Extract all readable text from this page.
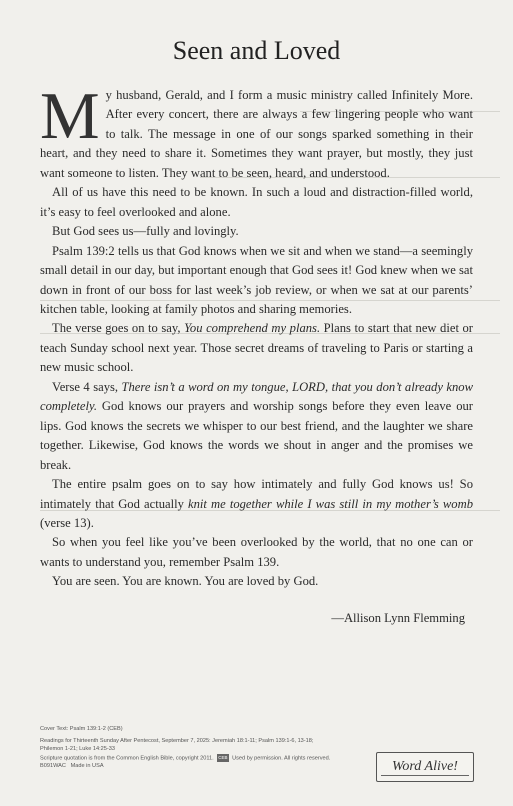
Seen and Loved

My husband, Gerald, and I form a music ministry called Infinitely More. After every concert, there are always a few lingering people who want to talk. The message in one of our songs sparked something in their heart, and they need to share it. Sometimes they want prayer, but mostly, they just want someone to listen. They want to be seen, heard, and understood.

All of us have this need to be known. In such a loud and distraction-filled world, it’s easy to feel overlooked and alone.

But God sees us—fully and lovingly.

Psalm 139:2 tells us that God knows when we sit and when we stand—a seemingly small detail in our day, but important enough that God sees it! God knew when we sat down in front of our boss for last week’s job review, or when we sat at our parents’ kitchen table, looking at family photos and sharing memories.

The verse goes on to say, You comprehend my plans. Plans to start that new diet or teach Sunday school next year. Those secret dreams of traveling to Paris or starting a new music school.

Verse 4 says, There isn’t a word on my tongue, LORD, that you don’t already know completely. God knows our prayers and worship songs before they even leave our lips. God knows the secrets we whisper to our best friend, and the laughter we share together. Likewise, God knows the words we shout in anger and the promises we break.

The entire psalm goes on to say how intimately and fully God knows us! So intimately that God actually knit me together while I was still in my mother’s womb (verse 13).

So when you feel like you’ve been overlooked by the world, that no one can or wants to understand you, remember Psalm 139.

You are seen. You are known. You are loved by God.

—Allison Lynn Flemming
Cover Text: Psalm 139:1-2 (CEB)
Readings for Thirteenth Sunday After Pentecost, September 7, 2025: Jeremiah 18:1-11; Psalm 139:1-6, 13-18;
Philemon 1-21; Luke 14:25-33
Scripture quotation is from the Common English Bible, copyright 2011. CEB Used by permission. All rights reserved.
B091WAC Made in USA	Word Alive!
